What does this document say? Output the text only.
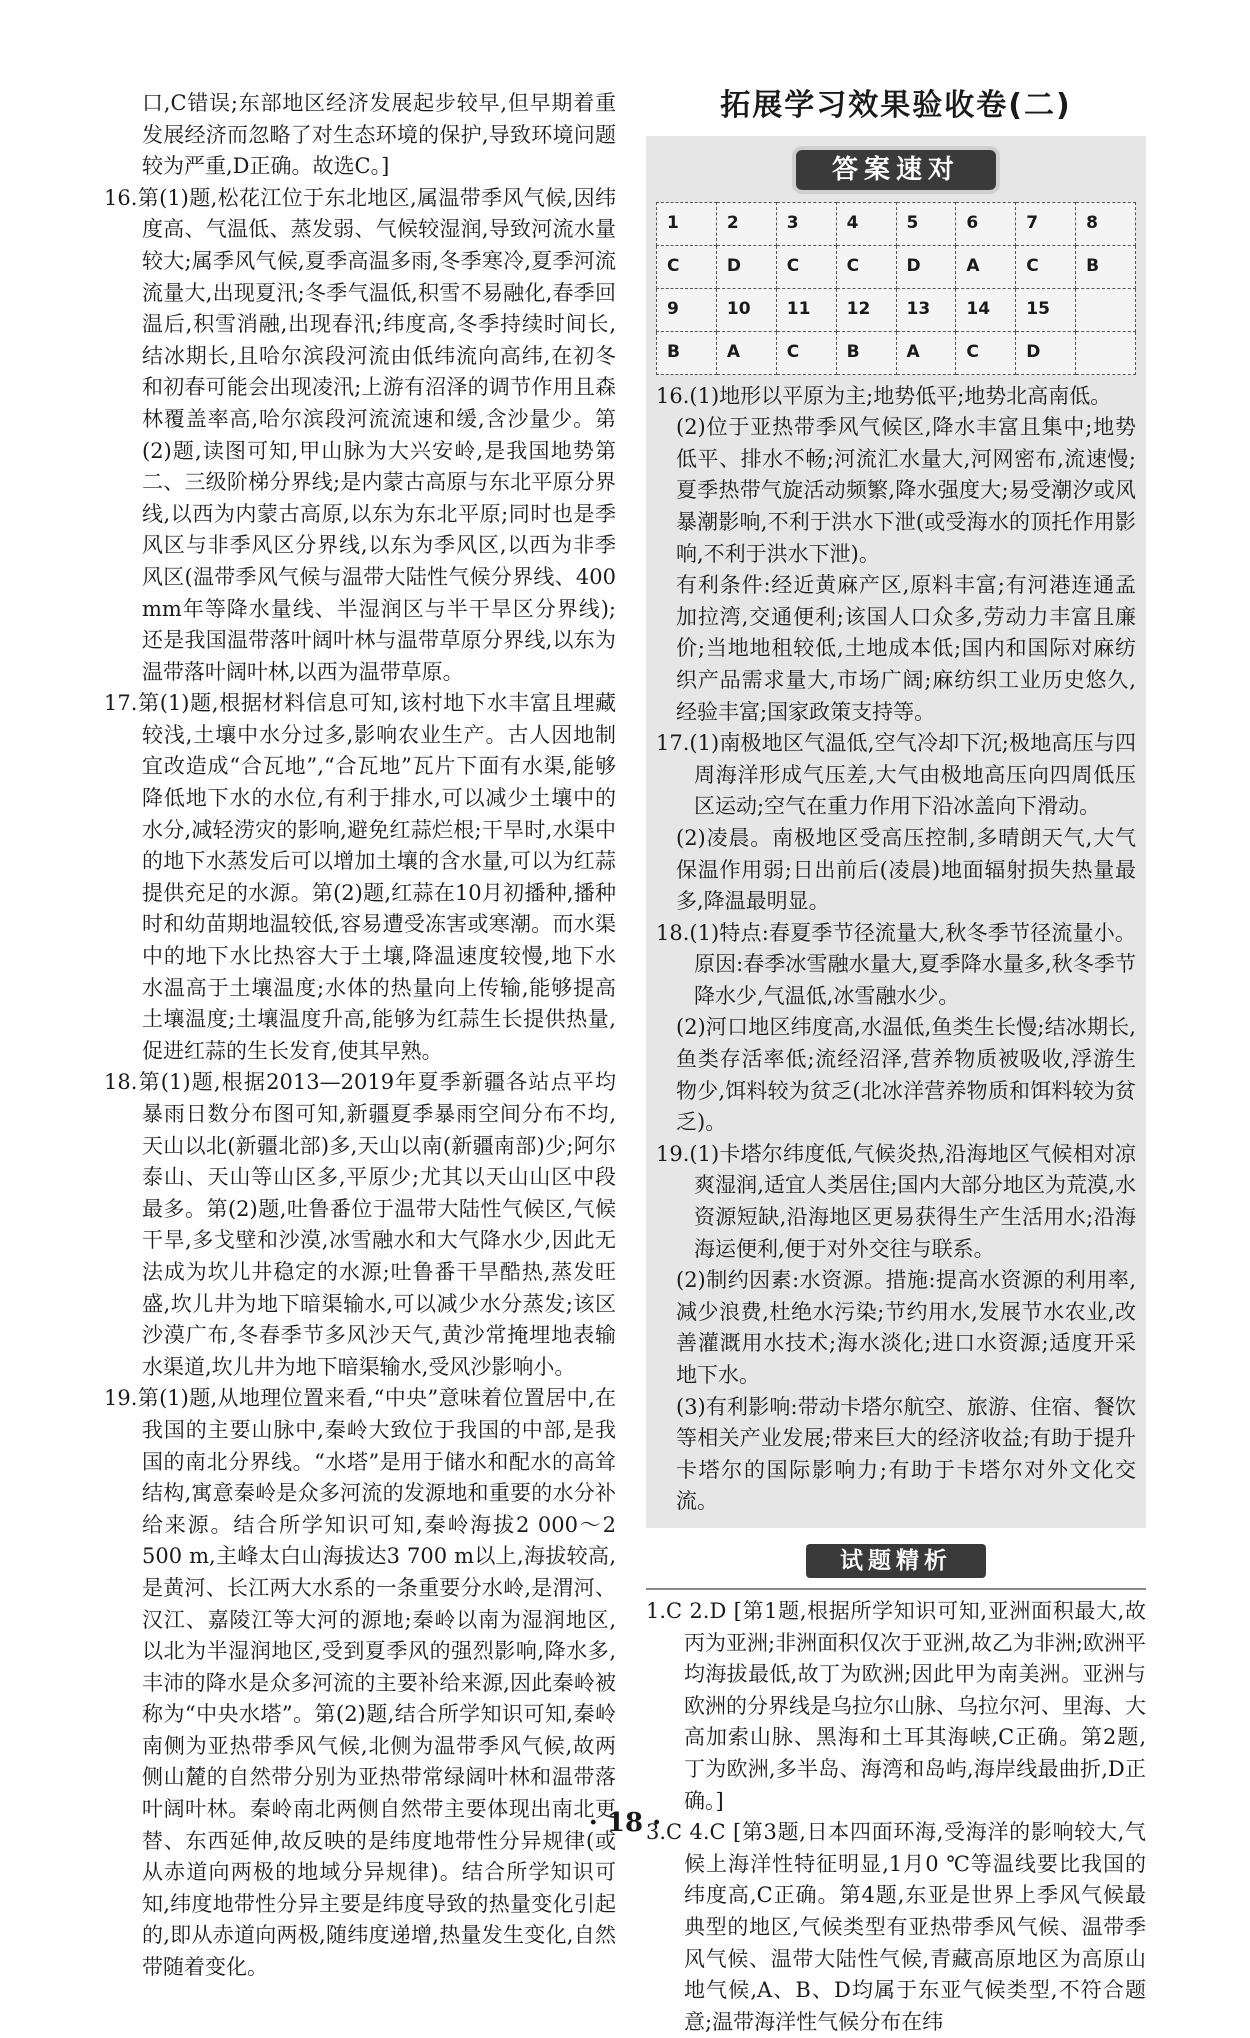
口,C错误;东部地区经济发展起步较早,但早期着重发展经济而忽略了对生态环境的保护,导致环境问题较为严重,D正确。故选C。]

16.第(1)题,松花江位于东北地区,属温带季风气候,因纬度高、气温低、蒸发弱、气候较湿润,导致河流水量较大;属季风气候,夏季高温多雨,冬季寒冷,夏季河流流量大,出现夏汛;冬季气温低,积雪不易融化,春季回温后,积雪消融,出现春汛;纬度高,冬季持续时间长,结冰期长,且哈尔滨段河流由低纬流向高纬,在初冬和初春可能会出现凌汛;上游有沼泽的调节作用且森林覆盖率高,哈尔滨段河流流速和缓,含沙量少。第(2)题,读图可知,甲山脉为大兴安岭,是我国地势第二、三级阶梯分界线;是内蒙古高原与东北平原分界线,以西为内蒙古高原,以东为东北平原;同时也是季风区与非季风区分界线,以东为季风区,以西为非季风区(温带季风气候与温带大陆性气候分界线、400 mm年等降水量线、半湿润区与半干旱区分界线);还是我国温带落叶阔叶林与温带草原分界线,以东为温带落叶阔叶林,以西为温带草原。

17.第(1)题,根据材料信息可知,该村地下水丰富且埋藏较浅,土壤中水分过多,影响农业生产。古人因地制宜改造成“合瓦地”,“合瓦地”瓦片下面有水渠,能够降低地下水的水位,有利于排水,可以减少土壤中的水分,减轻涝灾的影响,避免红蒜烂根;干旱时,水渠中的地下水蒸发后可以增加土壤的含水量,可以为红蒜提供充足的水源。第(2)题,红蒜在10月初播种,播种时和幼苗期地温较低,容易遭受冻害或寒潮。而水渠中的地下水比热容大于土壤,降温速度较慢,地下水水温高于土壤温度;水体的热量向上传输,能够提高土壤温度;土壤温度升高,能够为红蒜生长提供热量,促进红蒜的生长发育,使其早熟。

18.第(1)题,根据2013—2019年夏季新疆各站点平均暴雨日数分布图可知,新疆夏季暴雨空间分布不均,天山以北(新疆北部)多,天山以南(新疆南部)少;阿尔泰山、天山等山区多,平原少;尤其以天山山区中段最多。第(2)题,吐鲁番位于温带大陆性气候区,气候干旱,多戈壁和沙漠,冰雪融水和大气降水少,因此无法成为坎儿井稳定的水源;吐鲁番干旱酷热,蒸发旺盛,坎儿井为地下暗渠输水,可以减少水分蒸发;该区沙漠广布,冬春季节多风沙天气,黄沙常掩埋地表输水渠道,坎儿井为地下暗渠输水,受风沙影响小。

19.第(1)题,从地理位置来看,“中央”意味着位置居中,在我国的主要山脉中,秦岭大致位于我国的中部,是我国的南北分界线。“水塔”是用于储水和配水的高耸结构,寓意秦岭是众多河流的发源地和重要的水分补给来源。结合所学知识可知,秦岭海拔2 000～2 500 m,主峰太白山海拔达3 700 m以上,海拔较高,是黄河、长江两大水系的一条重要分水岭,是渭河、汉江、嘉陵江等大河的源地;秦岭以南为湿润地区,以北为半湿润地区,受到夏季风的强烈影响,降水多,丰沛的降水是众多河流的主要补给来源,因此秦岭被称为“中央水塔”。第(2)题,结合所学知识可知,秦岭南侧为亚热带季风气候,北侧为温带季风气候,故两侧山麓的自然带分别为亚热带常绿阔叶林和温带落叶阔叶林。秦岭南北两侧自然带主要体现出南北更替、东西延伸,故反映的是纬度地带性分异规律(或从赤道向两极的地域分异规律)。结合所学知识可知,纬度地带性分异主要是纬度导致的热量变化引起的,即从赤道向两极,随纬度递增,热量发生变化,自然带随着变化。

拓展学习效果验收卷(二)
答案速对
1	2	3	4	5	6	7	8
C	D	C	C	D	A	C	B
9	10	11	12	13	14	15	
B	A	C	B	A	C	D	

16.(1)地形以平原为主;地势低平;地势北高南低。

(2)位于亚热带季风气候区,降水丰富且集中;地势低平、排水不畅;河流汇水量大,河网密布,流速慢;夏季热带气旋活动频繁,降水强度大;易受潮汐或风暴潮影响,不利于洪水下泄(或受海水的顶托作用影响,不利于洪水下泄)。

有利条件:经近黄麻产区,原料丰富;有河港连通孟加拉湾,交通便利;该国人口众多,劳动力丰富且廉价;当地地租较低,土地成本低;国内和国际对麻纺织产品需求量大,市场广阔;麻纺织工业历史悠久,经验丰富;国家政策支持等。

17.(1)南极地区气温低,空气冷却下沉;极地高压与四周海洋形成气压差,大气由极地高压向四周低压区运动;空气在重力作用下沿冰盖向下滑动。

(2)凌晨。南极地区受高压控制,多晴朗天气,大气保温作用弱;日出前后(凌晨)地面辐射损失热量最多,降温最明显。

18.(1)特点:春夏季节径流量大,秋冬季节径流量小。原因:春季冰雪融水量大,夏季降水量多,秋冬季节降水少,气温低,冰雪融水少。

(2)河口地区纬度高,水温低,鱼类生长慢;结冰期长,鱼类存活率低;流经沼泽,营养物质被吸收,浮游生物少,饵料较为贫乏(北冰洋营养物质和饵料较为贫乏)。

19.(1)卡塔尔纬度低,气候炎热,沿海地区气候相对凉爽湿润,适宜人类居住;国内大部分地区为荒漠,水资源短缺,沿海地区更易获得生产生活用水;沿海海运便利,便于对外交往与联系。

(2)制约因素:水资源。措施:提高水资源的利用率,减少浪费,杜绝水污染;节约用水,发展节水农业,改善灌溉用水技术;海水淡化;进口水资源;适度开采地下水。

(3)有利影响:带动卡塔尔航空、旅游、住宿、餐饮等相关产业发展;带来巨大的经济收益;有助于提升卡塔尔的国际影响力;有助于卡塔尔对外文化交流。

试题精析

1.C 2.D [第1题,根据所学知识可知,亚洲面积最大,故丙为亚洲;非洲面积仅次于亚洲,故乙为非洲;欧洲平均海拔最低,故丁为欧洲;因此甲为南美洲。亚洲与欧洲的分界线是乌拉尔山脉、乌拉尔河、里海、大高加索山脉、黑海和土耳其海峡,C正确。第2题,丁为欧洲,多半岛、海湾和岛屿,海岸线最曲折,D正确。]

3.C 4.C [第3题,日本四面环海,受海洋的影响较大,气候上海洋性特征明显,1月0 ℃等温线要比我国的纬度高,C正确。第4题,东亚是世界上季风气候最典型的地区,气候类型有亚热带季风气候、温带季风气候、温带大陆性气候,青藏高原地区为高原山地气候,A、B、D均属于东亚气候类型,不符合题意;温带海洋性气候分布在纬

· 18 ·
